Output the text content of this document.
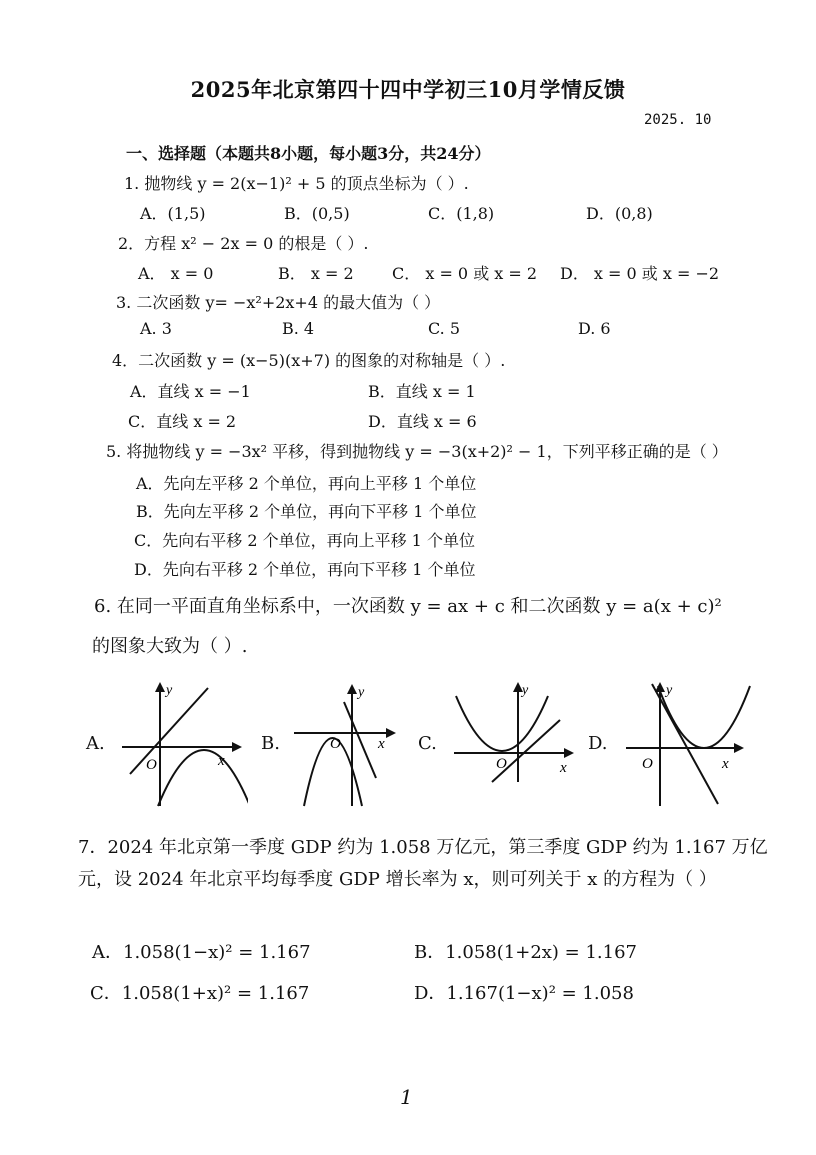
2025年北京第四十四中学初三10月学情反馈
2025. 10
一、选择题（本题共8小题，每小题3分，共24分）
1. 抛物线 y = 2(x−1)² + 5 的顶点坐标为（ ）.
A．(1,5)	B．(0,5)	C．(1,8)	D．(0,8)
2．方程 x² − 2x = 0 的根是（ ）.
A． x = 0	B． x = 2 C． x = 0 或 x = 2 D． x = 0 或 x = −2
3. 二次函数 y= −x²+2x+4 的最大值为（ ）
A. 3	B. 4	C. 5	D. 6
4．二次函数 y = (x−5)(x+7) 的图象的对称轴是（ ）.
A．直线 x = −1	B．直线 x = 1
C．直线 x = 2	D．直线 x = 6
5. 将抛物线 y = −3x² 平移，得到抛物线 y = −3(x+2)² − 1，下列平移正确的是（ ）
A．先向左平移 2 个单位，再向上平移 1 个单位
B．先向左平移 2 个单位，再向下平移 1 个单位
C．先向右平移 2 个单位，再向上平移 1 个单位
D．先向右平移 2 个单位，再向下平移 1 个单位
6. 在同一平面直角坐标系中，一次函数 y = ax + c 和二次函数 y = a(x + c)²
的图象大致为（ ）.
A.
y
O	x
B.
y
O x C.
y
O	x
D.
y
O	x
7．2024 年北京第一季度 GDP 约为 1.058 万亿元，第三季度 GDP 约为 1.167 万亿元，设 2024 年北京平均每季度 GDP 增长率为 x，则可列关于 x 的方程为（ ）
A．1.058(1−x)² = 1.167	B．1.058(1+2x) = 1.167
C．1.058(1+x)² = 1.167	D．1.167(1−x)² = 1.058
1
